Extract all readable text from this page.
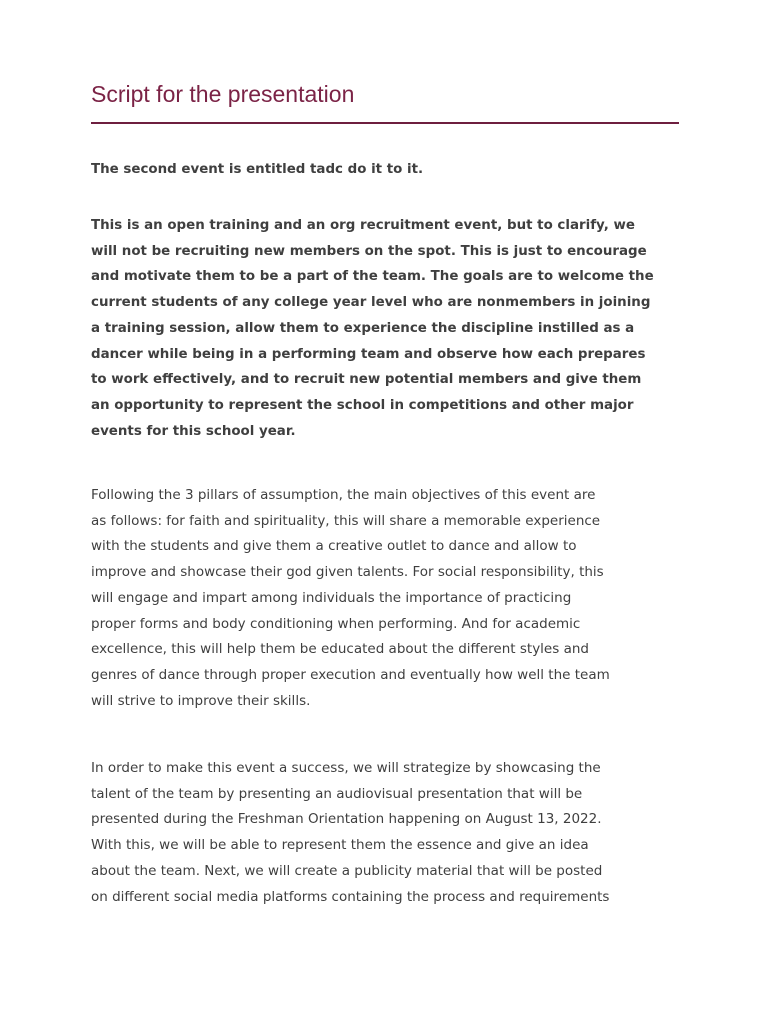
Script for the presentation

The second event is entitled tadc do it to it.

This is an open training and an org recruitment event, but to clarify, we
will not be recruiting new members on the spot. This is just to encourage
and motivate them to be a part of the team. The goals are to welcome the
current students of any college year level who are nonmembers in joining
a training session, allow them to experience the discipline instilled as a
dancer while being in a performing team and observe how each prepares
to work effectively, and to recruit new potential members and give them
an opportunity to represent the school in competitions and other major
events for this school year.

Following the 3 pillars of assumption, the main objectives of this event are
as follows: for faith and spirituality, this will share a memorable experience
with the students and give them a creative outlet to dance and allow to
improve and showcase their god given talents. For social responsibility, this
will engage and impart among individuals the importance of practicing
proper forms and body conditioning when performing. And for academic
excellence, this will help them be educated about the different styles and
genres of dance through proper execution and eventually how well the team
will strive to improve their skills.

In order to make this event a success, we will strategize by showcasing the
talent of the team by presenting an audiovisual presentation that will be
presented during the Freshman Orientation happening on August 13, 2022.
With this, we will be able to represent them the essence and give an idea
about the team. Next, we will create a publicity material that will be posted
on different social media platforms containing the process and requirements
